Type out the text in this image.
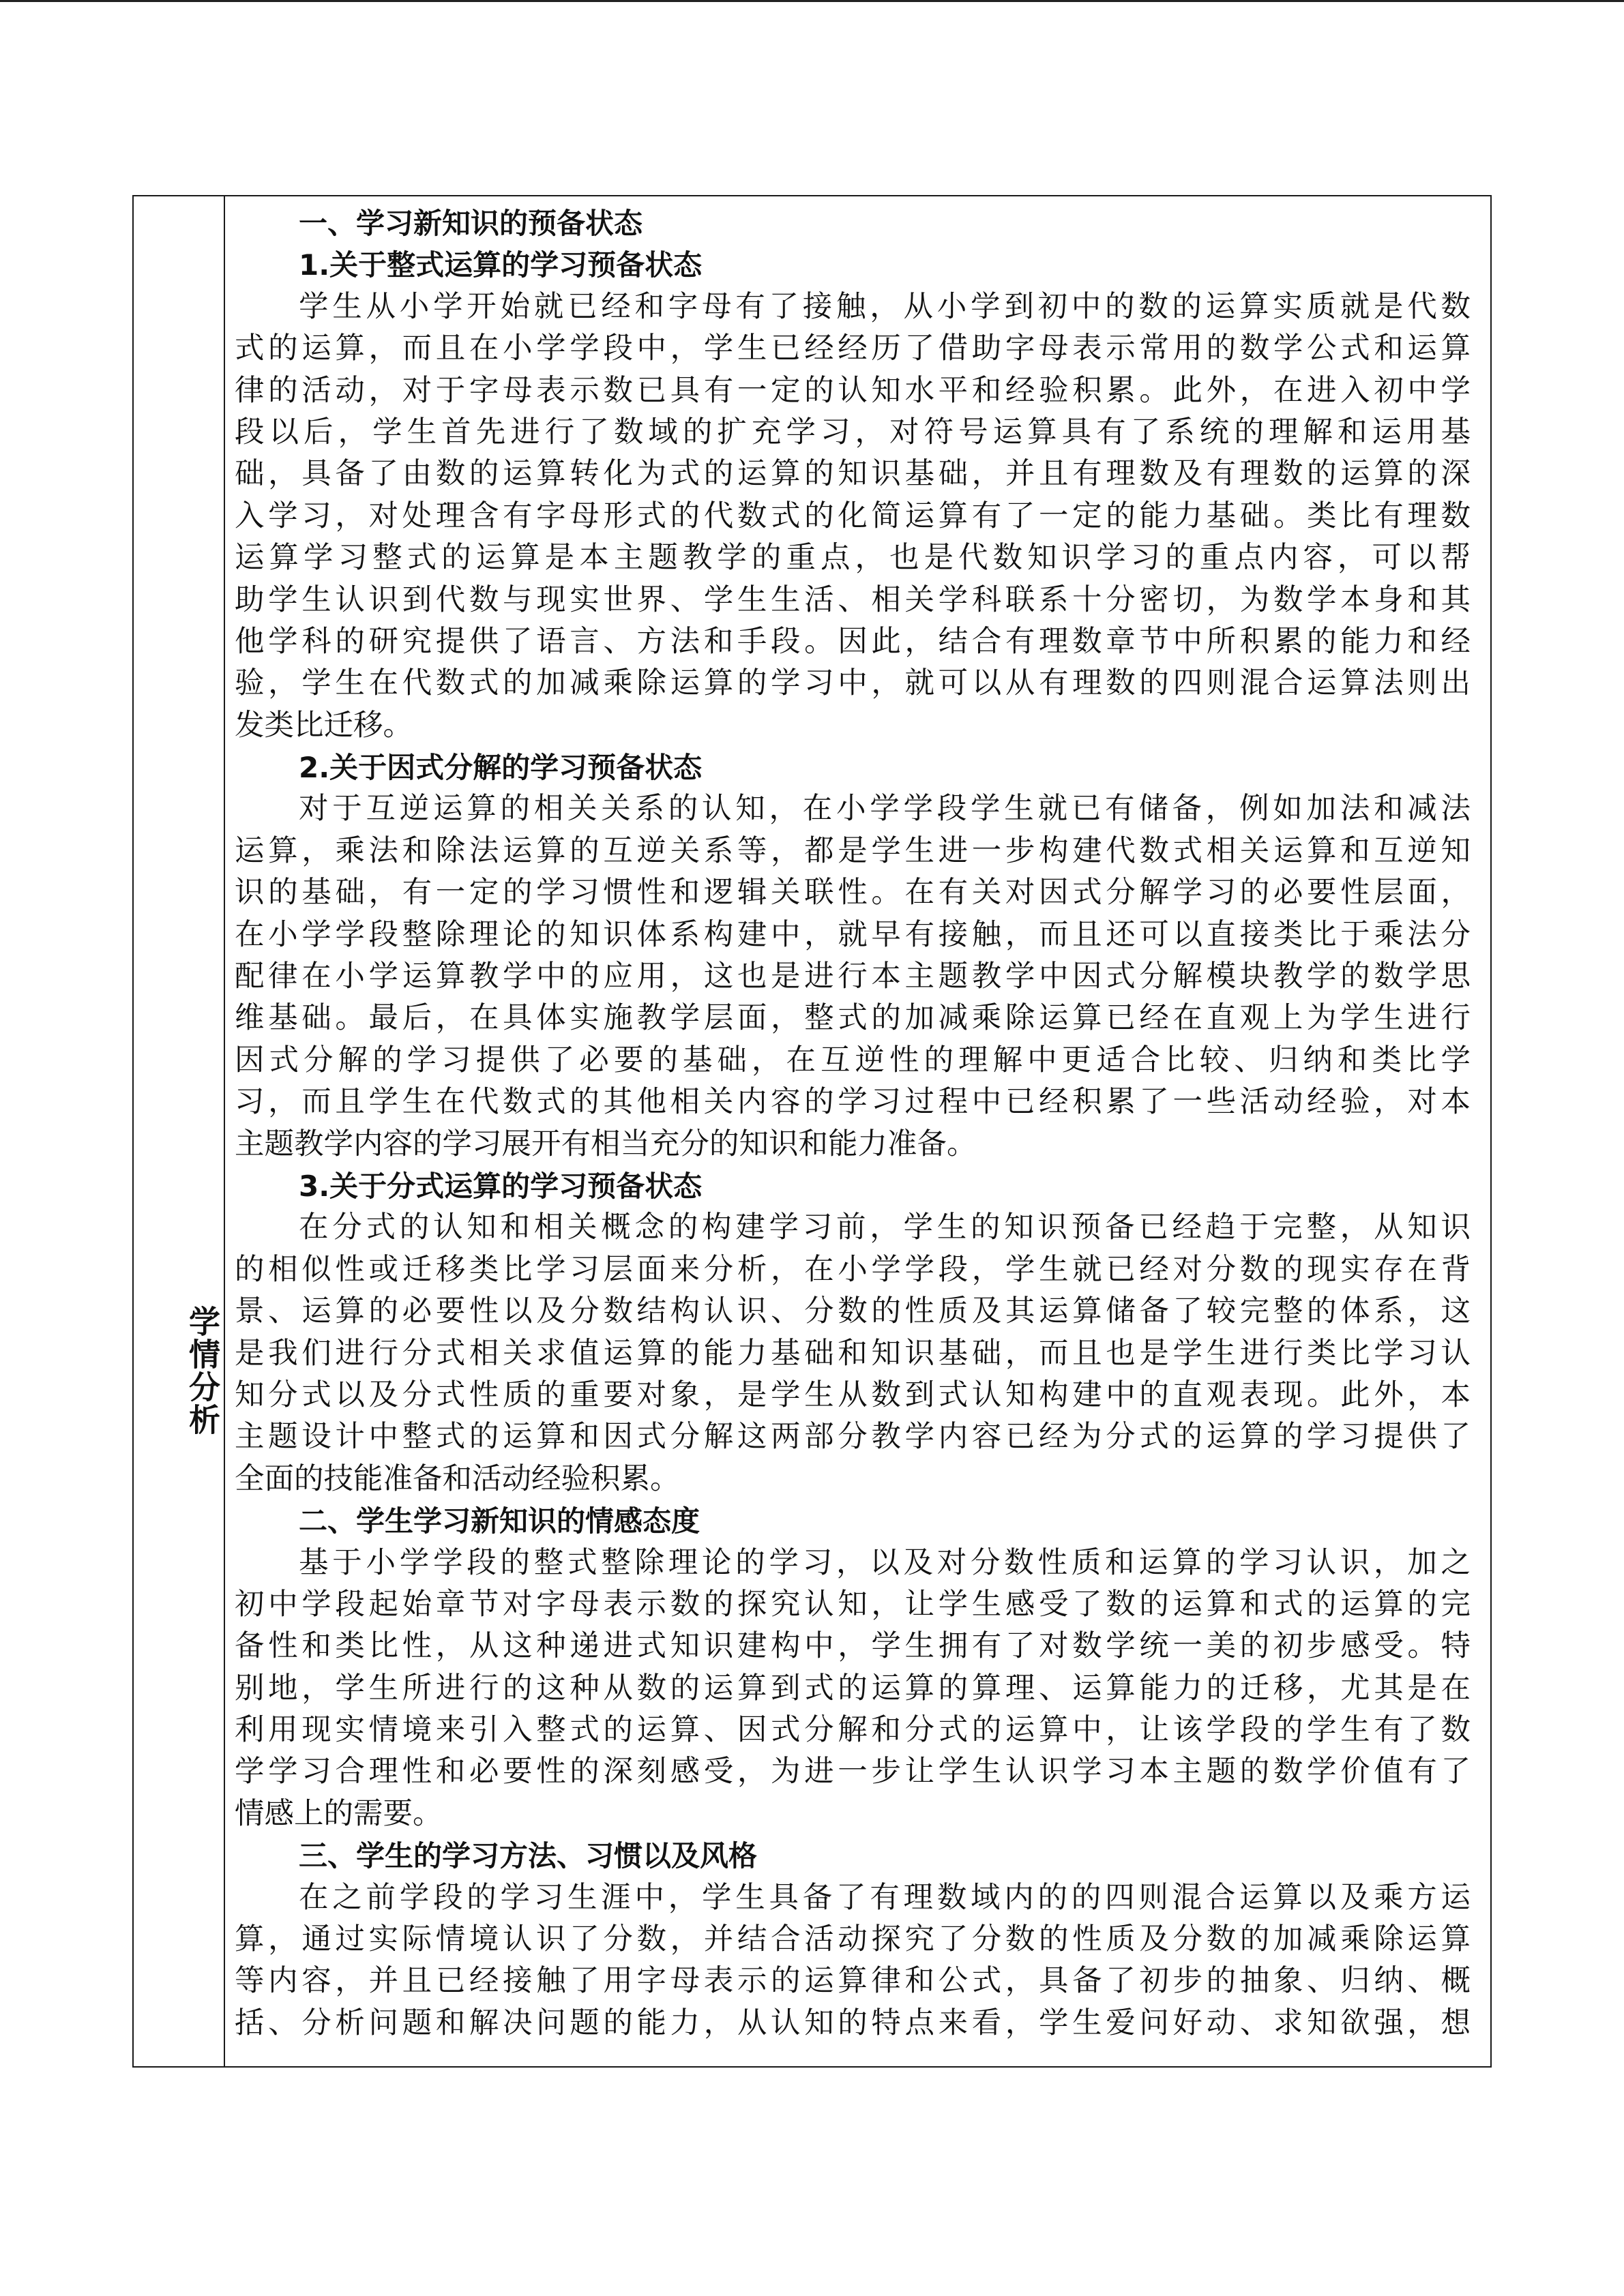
学情分析
一、学习新知识的预备状态
1.关于整式运算的学习预备状态
学生从小学开始就已经和字母有了接触，从小学到初中的数的运算实质就是代数
式的运算，而且在小学学段中，学生已经经历了借助字母表示常用的数学公式和运算
律的活动，对于字母表示数已具有一定的认知水平和经验积累。此外，在进入初中学
段以后，学生首先进行了数域的扩充学习，对符号运算具有了系统的理解和运用基
础，具备了由数的运算转化为式的运算的知识基础，并且有理数及有理数的运算的深
入学习，对处理含有字母形式的代数式的化简运算有了一定的能力基础。类比有理数
运算学习整式的运算是本主题教学的重点，也是代数知识学习的重点内容，可以帮
助学生认识到代数与现实世界、学生生活、相关学科联系十分密切，为数学本身和其
他学科的研究提供了语言、方法和手段。因此，结合有理数章节中所积累的能力和经
验，学生在代数式的加减乘除运算的学习中，就可以从有理数的四则混合运算法则出
发类比迁移。
2.关于因式分解的学习预备状态
对于互逆运算的相关关系的认知，在小学学段学生就已有储备，例如加法和减法
运算，乘法和除法运算的互逆关系等，都是学生进一步构建代数式相关运算和互逆知
识的基础，有一定的学习惯性和逻辑关联性。在有关对因式分解学习的必要性层面，
在小学学段整除理论的知识体系构建中，就早有接触，而且还可以直接类比于乘法分
配律在小学运算教学中的应用，这也是进行本主题教学中因式分解模块教学的数学思
维基础。最后，在具体实施教学层面，整式的加减乘除运算已经在直观上为学生进行
因式分解的学习提供了必要的基础，在互逆性的理解中更适合比较、归纳和类比学
习，而且学生在代数式的其他相关内容的学习过程中已经积累了一些活动经验，对本
主题教学内容的学习展开有相当充分的知识和能力准备。
3.关于分式运算的学习预备状态
在分式的认知和相关概念的构建学习前，学生的知识预备已经趋于完整，从知识
的相似性或迁移类比学习层面来分析，在小学学段，学生就已经对分数的现实存在背
景、运算的必要性以及分数结构认识、分数的性质及其运算储备了较完整的体系，这
是我们进行分式相关求值运算的能力基础和知识基础，而且也是学生进行类比学习认
知分式以及分式性质的重要对象，是学生从数到式认知构建中的直观表现。此外，本
主题设计中整式的运算和因式分解这两部分教学内容已经为分式的运算的学习提供了
全面的技能准备和活动经验积累。
二、学生学习新知识的情感态度
基于小学学段的整式整除理论的学习，以及对分数性质和运算的学习认识，加之
初中学段起始章节对字母表示数的探究认知，让学生感受了数的运算和式的运算的完
备性和类比性，从这种递进式知识建构中，学生拥有了对数学统一美的初步感受。特
别地，学生所进行的这种从数的运算到式的运算的算理、运算能力的迁移，尤其是在
利用现实情境来引入整式的运算、因式分解和分式的运算中，让该学段的学生有了数
学学习合理性和必要性的深刻感受，为进一步让学生认识学习本主题的数学价值有了
情感上的需要。
三、学生的学习方法、习惯以及风格
在之前学段的学习生涯中，学生具备了有理数域内的的四则混合运算以及乘方运
算，通过实际情境认识了分数，并结合活动探究了分数的性质及分数的加减乘除运算
等内容，并且已经接触了用字母表示的运算律和公式，具备了初步的抽象、归纳、概
括、分析问题和解决问题的能力，从认知的特点来看，学生爱问好动、求知欲强，想
